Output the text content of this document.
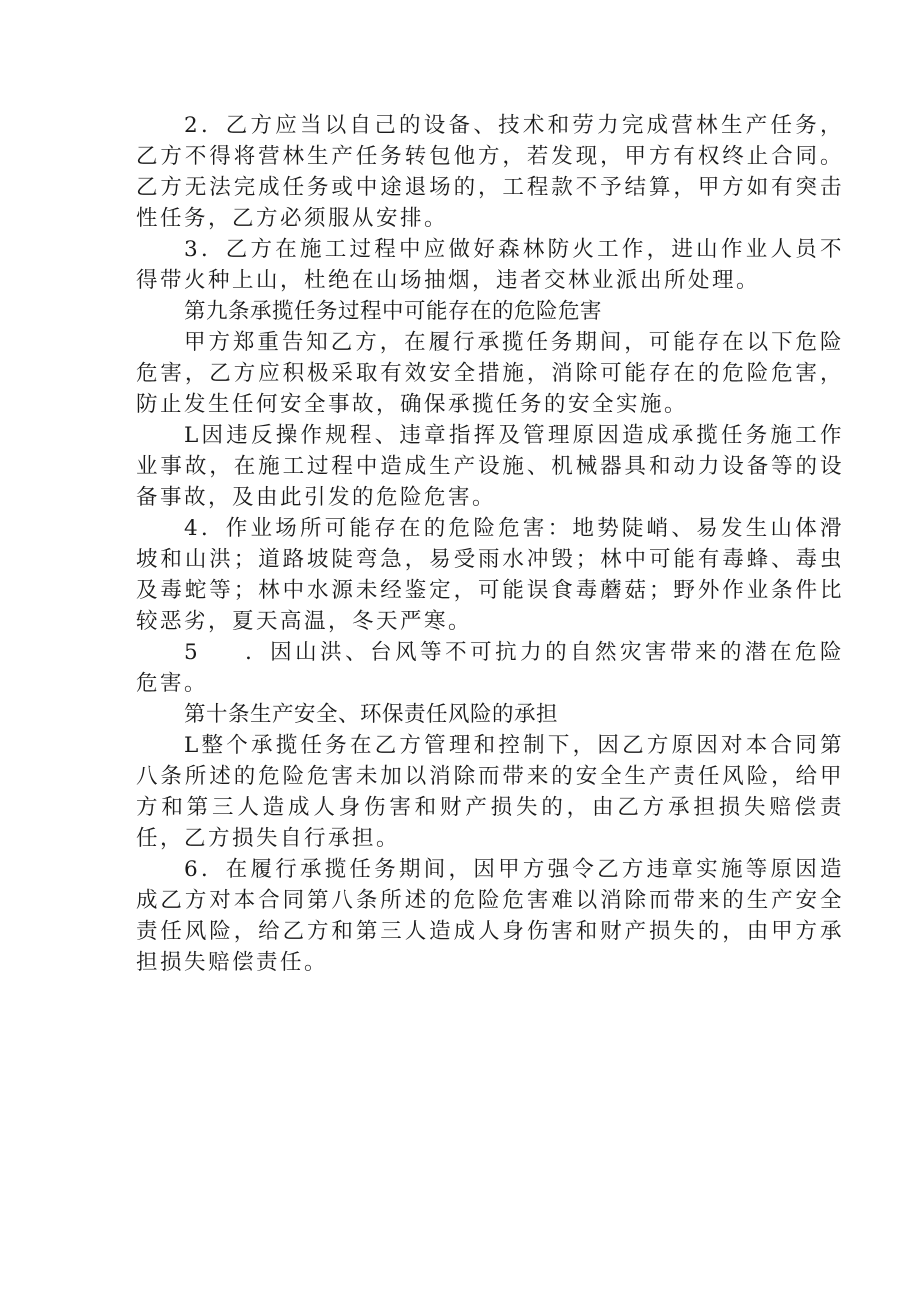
2．乙方应当以自己的设备、技术和劳力完成营林生产任务，乙方不得将营林生产任务转包他方，若发现，甲方有权终止合同。乙方无法完成任务或中途退场的，工程款不予结算，甲方如有突击性任务，乙方必须服从安排。

3．乙方在施工过程中应做好森林防火工作，进山作业人员不得带火种上山，杜绝在山场抽烟，违者交林业派出所处理。

第九条承揽任务过程中可能存在的危险危害

甲方郑重告知乙方，在履行承揽任务期间，可能存在以下危险危害，乙方应积极采取有效安全措施，消除可能存在的危险危害，防止发生任何安全事故，确保承揽任务的安全实施。

L因违反操作规程、违章指挥及管理原因造成承揽任务施工作业事故，在施工过程中造成生产设施、机械器具和动力设备等的设备事故，及由此引发的危险危害。

4．作业场所可能存在的危险危害：地势陡峭、易发生山体滑坡和山洪；道路坡陡弯急，易受雨水冲毁；林中可能有毒蜂、毒虫及毒蛇等；林中水源未经鉴定，可能误食毒蘑菇；野外作业条件比较恶劣，夏天高温，冬天严寒。

5 ．因山洪、台风等不可抗力的自然灾害带来的潜在危险危害。

第十条生产安全、环保责任风险的承担

L整个承揽任务在乙方管理和控制下，因乙方原因对本合同第八条所述的危险危害未加以消除而带来的安全生产责任风险，给甲方和第三人造成人身伤害和财产损失的，由乙方承担损失赔偿责任，乙方损失自行承担。

6．在履行承揽任务期间，因甲方强令乙方违章实施等原因造成乙方对本合同第八条所述的危险危害难以消除而带来的生产安全责任风险，给乙方和第三人造成人身伤害和财产损失的，由甲方承担损失赔偿责任。
